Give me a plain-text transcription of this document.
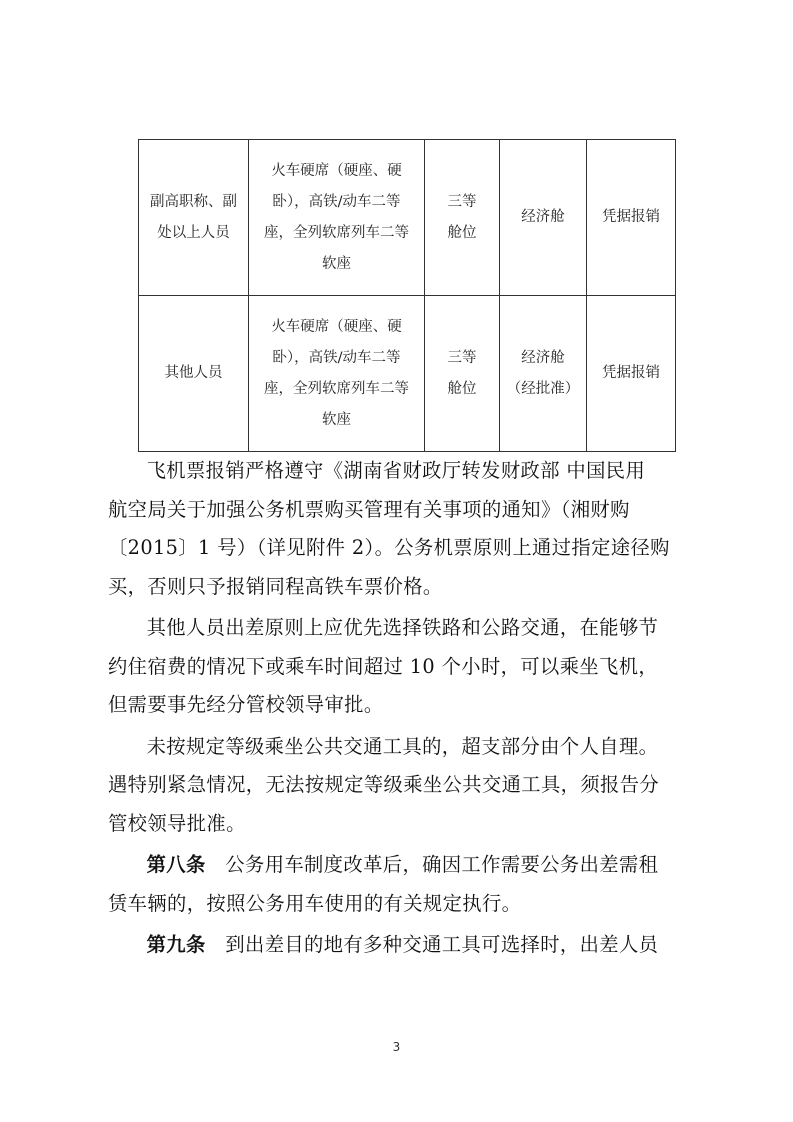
副高职称、副
处以上人员	火车硬席（硬座、硬
卧），高铁/动车二等
座，全列软席列车二等
软座	三等
舱位	经济舱	凭据报销

其他人员	火车硬席（硬座、硬
卧），高铁/动车二等
座，全列软席列车二等
软座	三等
舱位	经济舱
（经批准）	凭据报销

飞机票报销严格遵守《湖南省财政厅转发财政部 中国民用
航空局关于加强公务机票购买管理有关事项的通知》（湘财购
〔2015〕1 号）（详见附件 2）。公务机票原则上通过指定途径购
买，否则只予报销同程高铁车票价格。

其他人员出差原则上应优先选择铁路和公路交通，在能够节
约住宿费的情况下或乘车时间超过 10 个小时，可以乘坐飞机，
但需要事先经分管校领导审批。

未按规定等级乘坐公共交通工具的，超支部分由个人自理。
遇特别紧急情况，无法按规定等级乘坐公共交通工具，须报告分
管校领导批准。

第八条  公务用车制度改革后，确因工作需要公务出差需租
赁车辆的，按照公务用车使用的有关规定执行。

第九条  到出差目的地有多种交通工具可选择时，出差人员

3
